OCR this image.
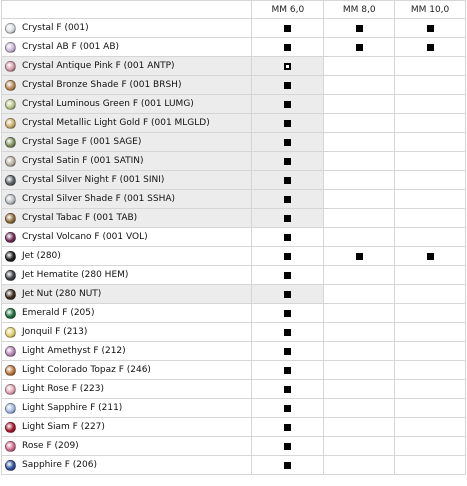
MM 6,0	MM 8,0	MM 10,0
Crystal F (001)
Crystal AB F (001 AB)
Crystal Antique Pink F (001 ANTP)
Crystal Bronze Shade F (001 BRSH)
Crystal Luminous Green F (001 LUMG)
Crystal Metallic Light Gold F (001 MLGLD)
Crystal Sage F (001 SAGE)
Crystal Satin F (001 SATIN)
Crystal Silver Night F (001 SINI)
Crystal Silver Shade F (001 SSHA)
Crystal Tabac F (001 TAB)
Crystal Volcano F (001 VOL)
Jet (280)
Jet Hematite (280 HEM)
Jet Nut (280 NUT)
Emerald F (205)
Jonquil F (213)
Light Amethyst F (212)
Light Colorado Topaz F (246)
Light Rose F (223)
Light Sapphire F (211)
Light Siam F (227)
Rose F (209)
Sapphire F (206)
